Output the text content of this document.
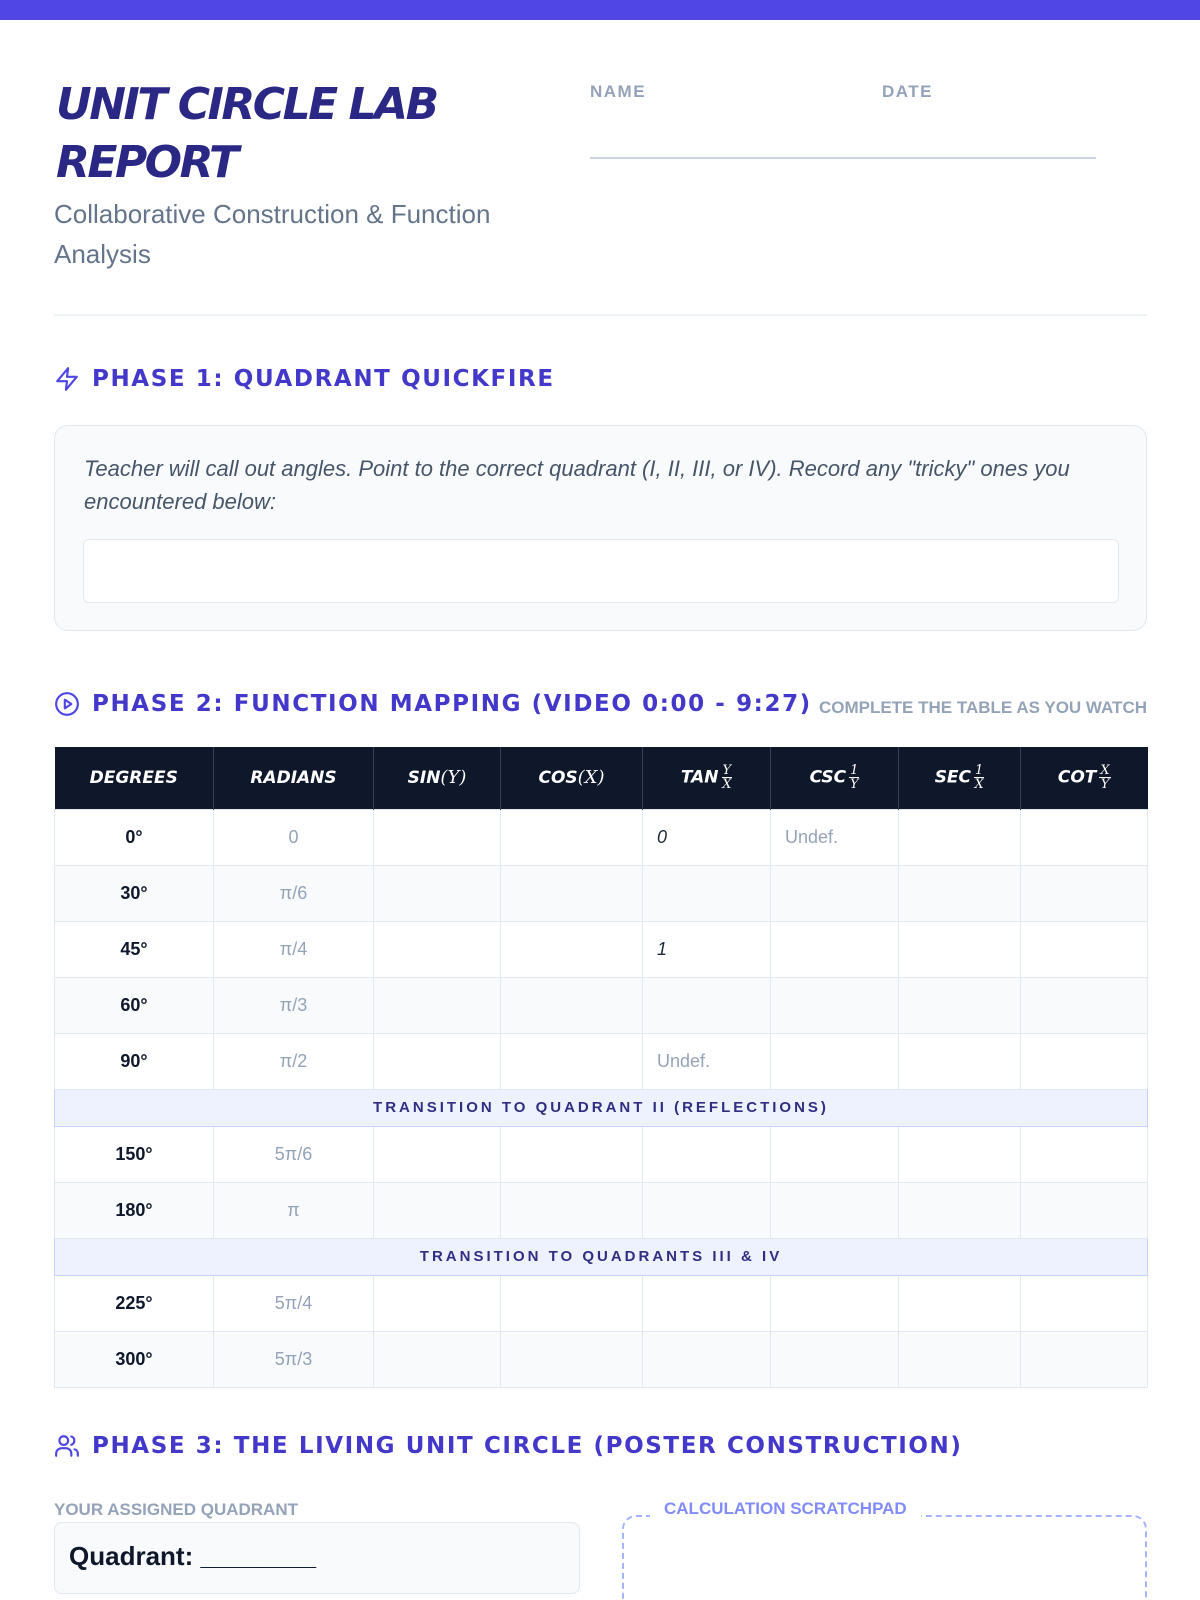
UNIT CIRCLE LAB REPORT
Collaborative Construction & Function Analysis
NAME	DATE
PHASE 1: QUADRANT QUICKFIRE
Teacher will call out angles. Point to the correct quadrant (I, II, III, or IV). Record any "tricky" ones you encountered below:
PHASE 2: FUNCTION MAPPING (VIDEO 0:00 - 9:27) COMPLETE THE TABLE AS YOU WATCH
DEGREES	RADIANS	SIN(Y)	COS(X)	TAN $\frac{Y}{X}$	CSC $\frac{1}{Y}$	SEC $\frac{1}{X}$	COT $\frac{X}{Y}$

0°	0			0	Undef.		
30°	π/6						
45°	π/4			1			
60°	π/3						
90°	π/2			Undef.			
TRANSITION TO QUADRANT II (REFLECTIONS)							
150°	5π/6						
180°	π						
TRANSITION TO QUADRANTS III & IV							
225°	5π/4						
300°	5π/3						
PHASE 3: THE LIVING UNIT CIRCLE (POSTER CONSTRUCTION)
YOUR ASSIGNED QUADRANT
Quadrant: ________
CALCULATION SCRATCHPAD
